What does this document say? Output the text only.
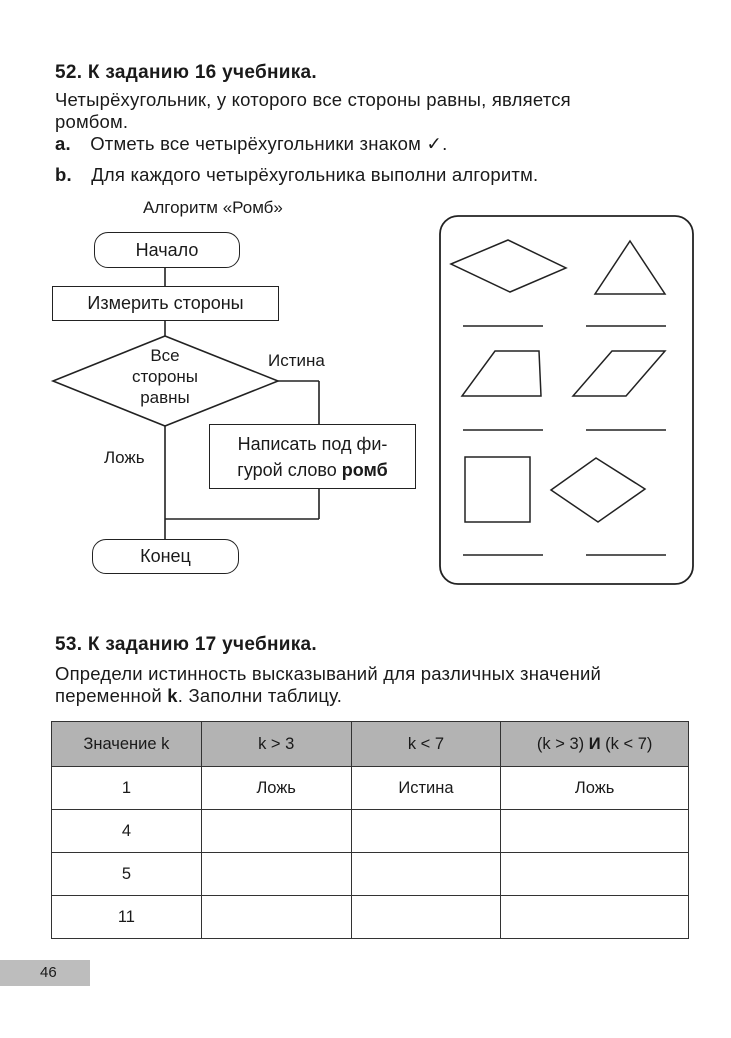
52. К заданию 16 учебника.
Четырёхугольник, у которого все стороны равны, является
ромбом.
a. Отметь все четырёхугольники знаком ✓.
b. Для каждого четырёхугольника выполни алгоритм.
Алгоритм «Ромб»
Начало
Измерить стороны
Все
стороны
равны
Истина
Ложь
Написать под фи-
гурой слово ромб
Конец
53. К заданию 17 учебника.
Определи истинность высказываний для различных значений
переменной k. Заполни таблицу.
Значение k	k > 3	k < 7	(k > 3) И (k < 7)
1	Ложь	Истина	Ложь
4			
5			
11			
46
